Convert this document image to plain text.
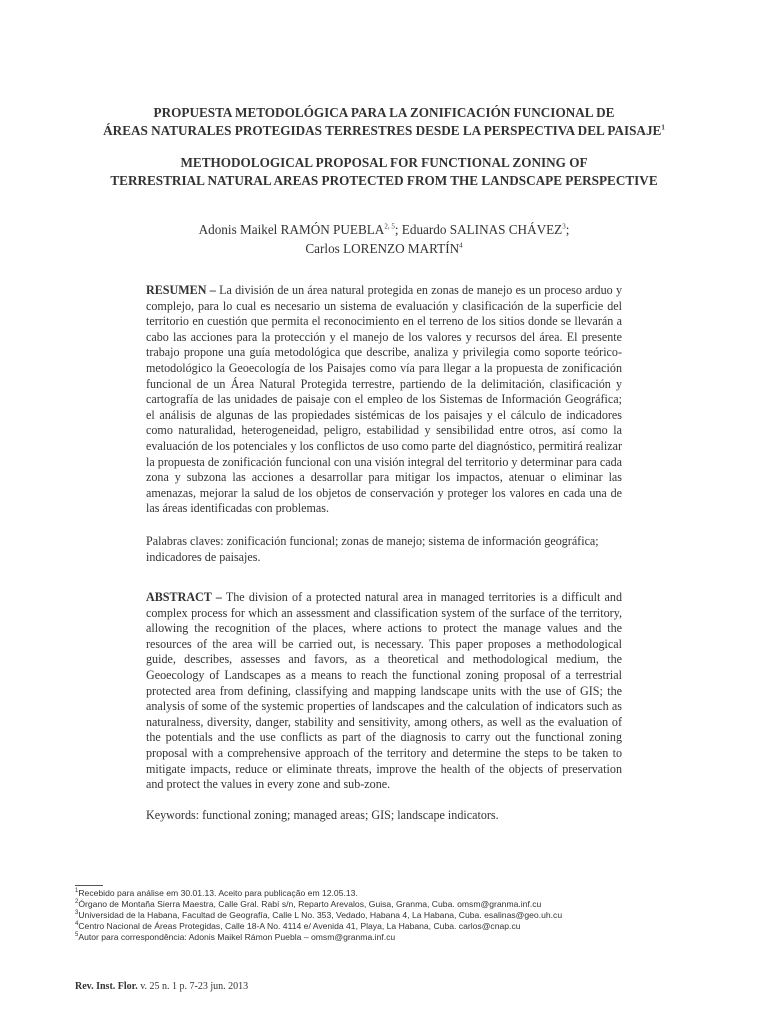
PROPUESTA METODOLÓGICA PARA LA ZONIFICACIÓN FUNCIONAL DE
ÁREAS NATURALES PROTEGIDAS TERRESTRES DESDE LA PERSPECTIVA DEL PAISAJE$^1$
METHODOLOGICAL PROPOSAL FOR FUNCTIONAL ZONING OF
TERRESTRIAL NATURAL AREAS PROTECTED FROM THE LANDSCAPE PERSPECTIVE
Adonis Maikel RAMÓN PUEBLA$^{2, 5}$; Eduardo SALINAS CHÁVEZ$^3$;
Carlos LORENZO MARTÍN$^4$
RESUMEN – La división de un área natural protegida en zonas de manejo es un proceso arduo y complejo, para lo cual es necesario un sistema de evaluación y clasificación de la superficie del territorio en cuestión que permita el reconocimiento en el terreno de los sitios donde se llevarán a cabo las acciones para la protección y el manejo de los valores y recursos del área. El presente trabajo propone una guía metodológica que describe, analiza y privilegia como soporte teórico-metodológico la Geoecología de los Paisajes como vía para llegar a la propuesta de zonificación funcional de un Área Natural Protegida terrestre, partiendo de la delimitación, clasificación y cartografía de las unidades de paisaje con el empleo de los Sistemas de Información Geográfica; el análisis de algunas de las propiedades sistémicas de los paisajes y el cálculo de indicadores como naturalidad, heterogeneidad, peligro, estabilidad y sensibilidad entre otros, así como la evaluación de los potenciales y los conflictos de uso como parte del diagnóstico, permitirá realizar la propuesta de zonificación funcional con una visión integral del territorio y determinar para cada zona y subzona las acciones a desarrollar para mitigar los impactos, atenuar o eliminar las amenazas, mejorar la salud de los objetos de conservación y proteger los valores en cada una de las áreas identificadas con problemas.
Palabras claves: zonificación funcional; zonas de manejo; sistema de información geográfica; indicadores de paisajes.
ABSTRACT – The division of a protected natural area in managed territories is a difficult and complex process for which an assessment and classification system of the surface of the territory, allowing the recognition of the places, where actions to protect the manage values and the resources of the area will be carried out, is necessary. This paper proposes a methodological guide, describes, assesses and favors, as a theoretical and methodological medium, the Geoecology of Landscapes as a means to reach the functional zoning proposal of a terrestrial protected area from defining, classifying and mapping landscape units with the use of GIS; the analysis of some of the systemic properties of landscapes and the calculation of indicators such as naturalness, diversity, danger, stability and sensitivity, among others, as well as the evaluation of the potentials and the use conflicts as part of the diagnosis to carry out the functional zoning proposal with a comprehensive approach of the territory and determine the steps to be taken to mitigate impacts, reduce or eliminate threats, improve the health of the objects of preservation and protect the values in every zone and sub-zone.
Keywords: functional zoning; managed areas; GIS; landscape indicators.
$^1$Recebido para análise em 30.01.13. Aceito para publicação em 12.05.13.
$^2$Órgano de Montaña Sierra Maestra, Calle Gral. Rabí s/n, Reparto Arevalos, Guisa, Granma, Cuba. omsm@granma.inf.cu
$^3$Universidad de la Habana, Facultad de Geografía, Calle L No. 353, Vedado, Habana 4, La Habana, Cuba. esalinas@geo.uh.cu
$^4$Centro Nacional de Áreas Protegidas, Calle 18-A No. 4114 e/ Avenida 41, Playa, La Habana, Cuba. carlos@cnap.cu
$^5$Autor para correspondência: Adonis Maikel Rámon Puebla – omsm@granma.inf.cu
Rev. Inst. Flor. v. 25 n. 1 p. 7-23 jun. 2013
